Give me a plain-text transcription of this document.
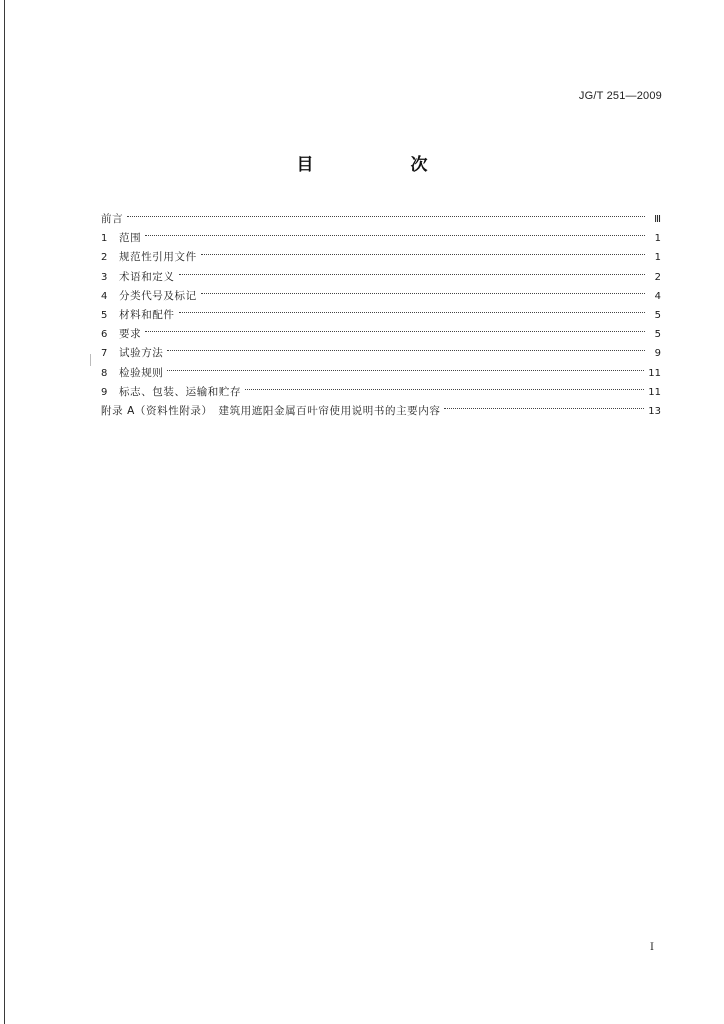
JG/T 251—2009
目　次
前言	Ⅲ
1	范围	1
2	规范性引用文件	1
3	术语和定义	2
4	分类代号及标记	4
5	材料和配件	5
6	要求	5
7	试验方法	9
8	检验规则	11
9	标志、包装、运输和贮存	11
附录 A（资料性附录）　建筑用遮阳金属百叶帘使用说明书的主要内容	13
Ⅰ
